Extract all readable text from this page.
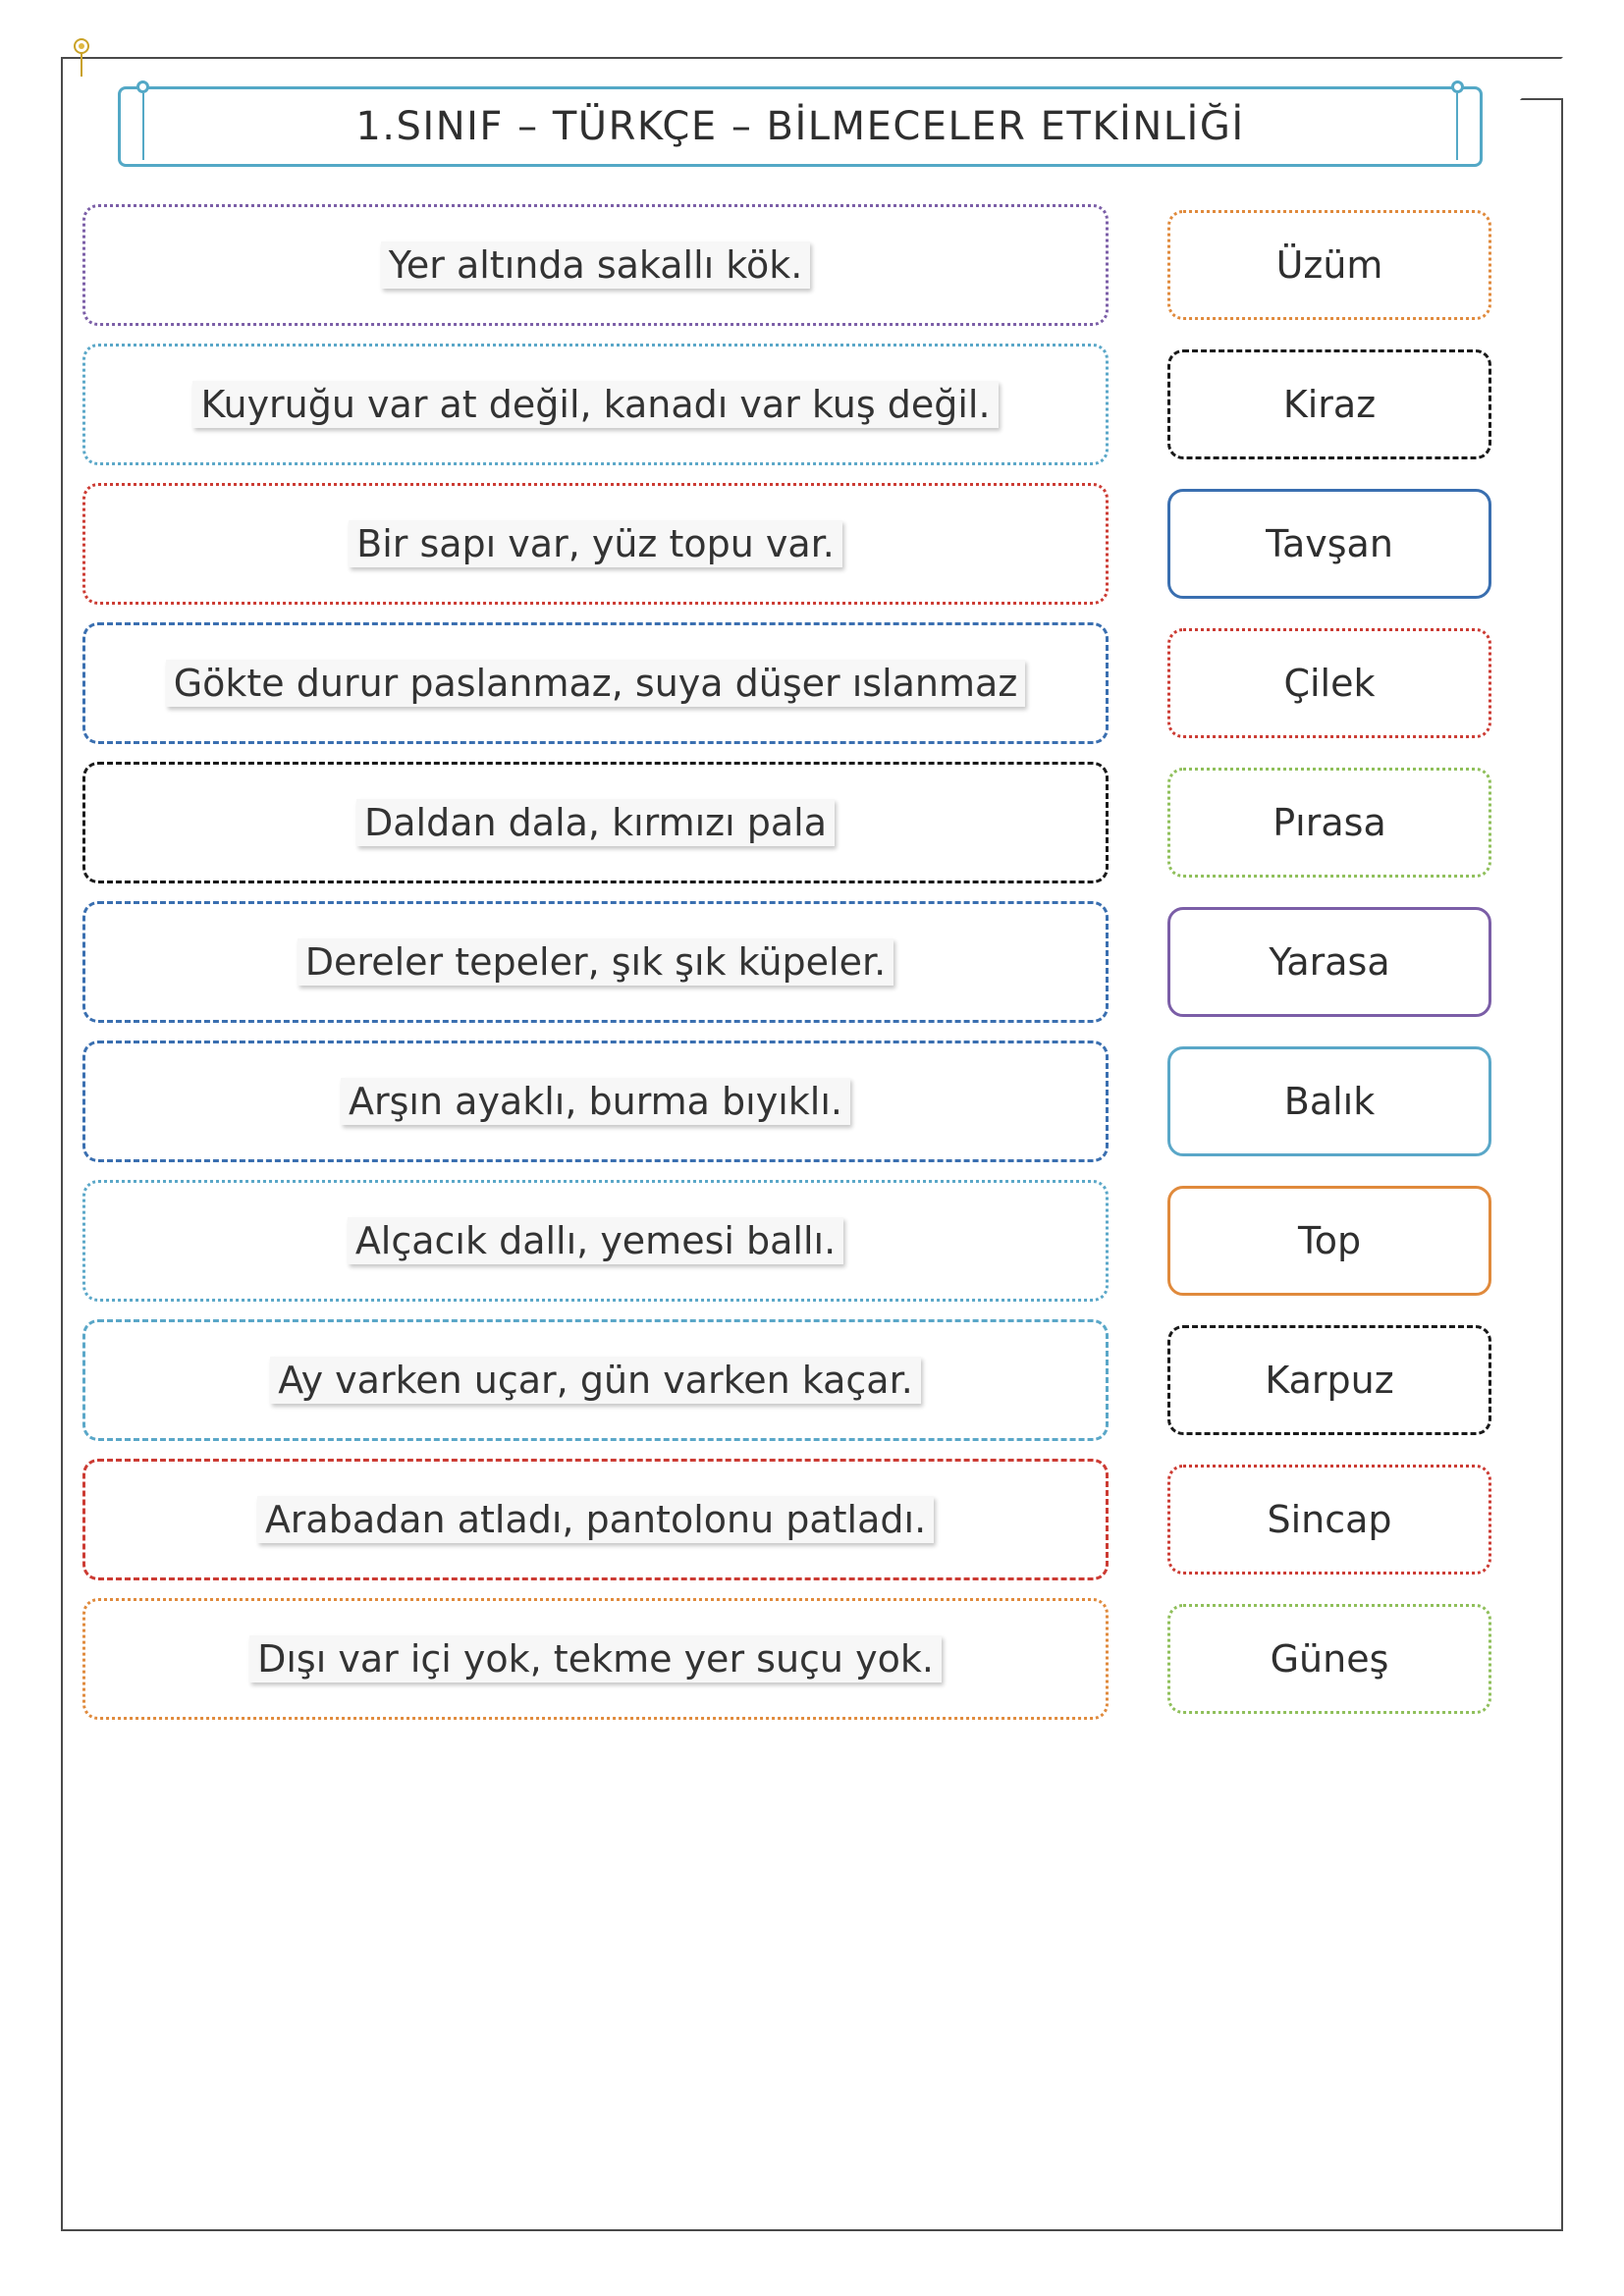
1.SINIF – TÜRKÇE – BİLMECELER ETKİNLİĞİ
Yer altında sakallı kök.	Üzüm
Kuyruğu var at değil, kanadı var kuş değil.	Kiraz
Bir sapı var, yüz topu var.	Tavşan
Gökte durur paslanmaz, suya düşer ıslanmaz	Çilek
Daldan dala, kırmızı pala	Pırasa
Dereler tepeler, şık şık küpeler.	Yarasa
Arşın ayaklı, burma bıyıklı.	Balık
Alçacık dallı, yemesi ballı.	Top
Ay varken uçar, gün varken kaçar.	Karpuz
Arabadan atladı, pantolonu patladı.	Sincap
Dışı var içi yok, tekme yer suçu yok.	Güneş
